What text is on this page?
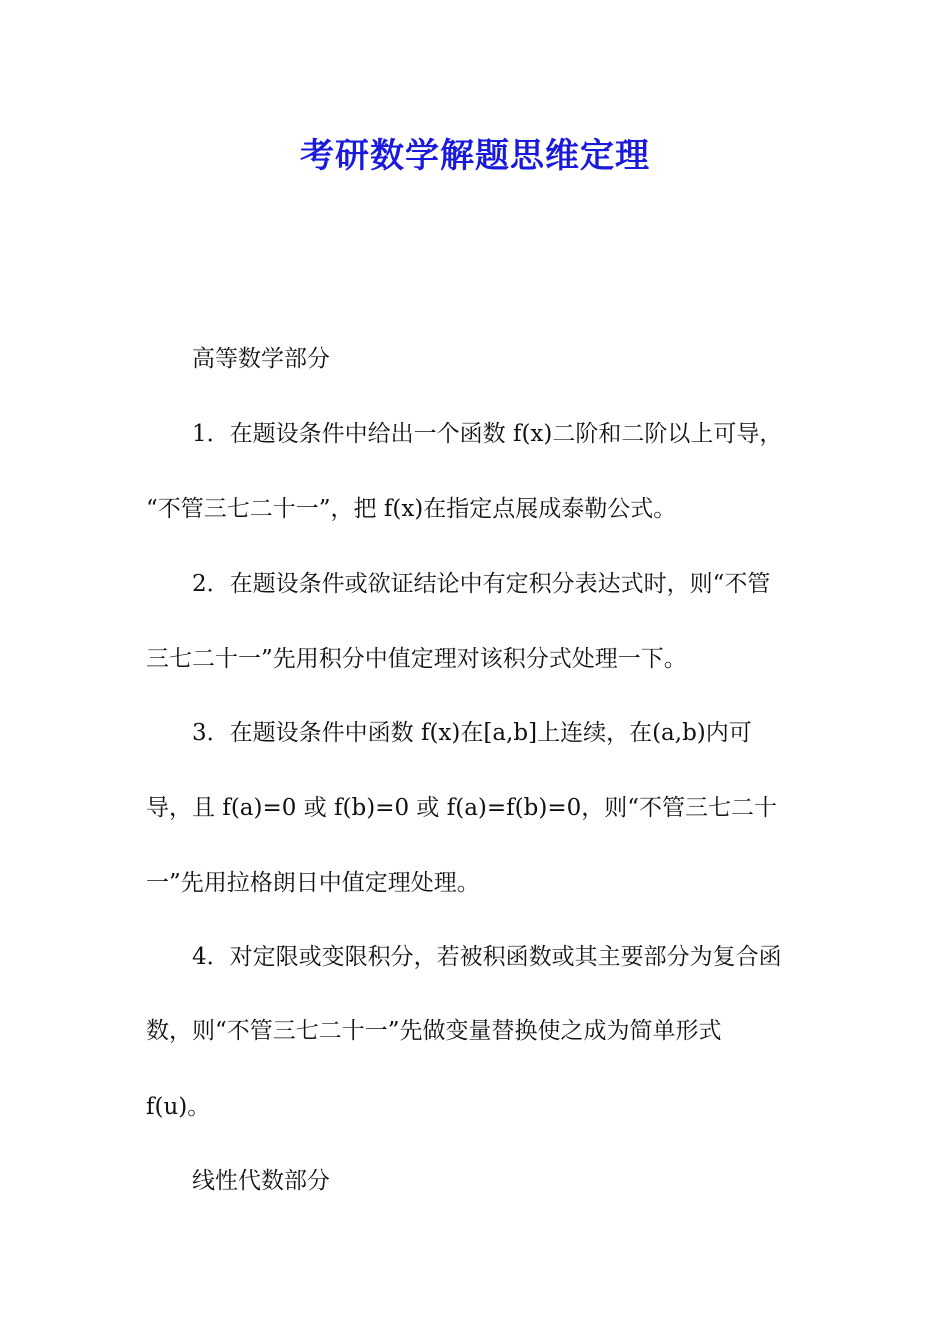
考研数学解题思维定理
高等数学部分
1．在题设条件中给出一个函数 f(x)二阶和二阶以上可导，
“不管三七二十一”，把 f(x)在指定点展成泰勒公式。
2．在题设条件或欲证结论中有定积分表达式时，则“不管
三七二十一”先用积分中值定理对该积分式处理一下。
3．在题设条件中函数 f(x)在[a,b]上连续，在(a,b)内可
导，且 f(a)=0 或 f(b)=0 或 f(a)=f(b)=0，则“不管三七二十
一”先用拉格朗日中值定理处理。
4．对定限或变限积分，若被积函数或其主要部分为复合函
数，则“不管三七二十一”先做变量替换使之成为简单形式
f(u)。
线性代数部分
